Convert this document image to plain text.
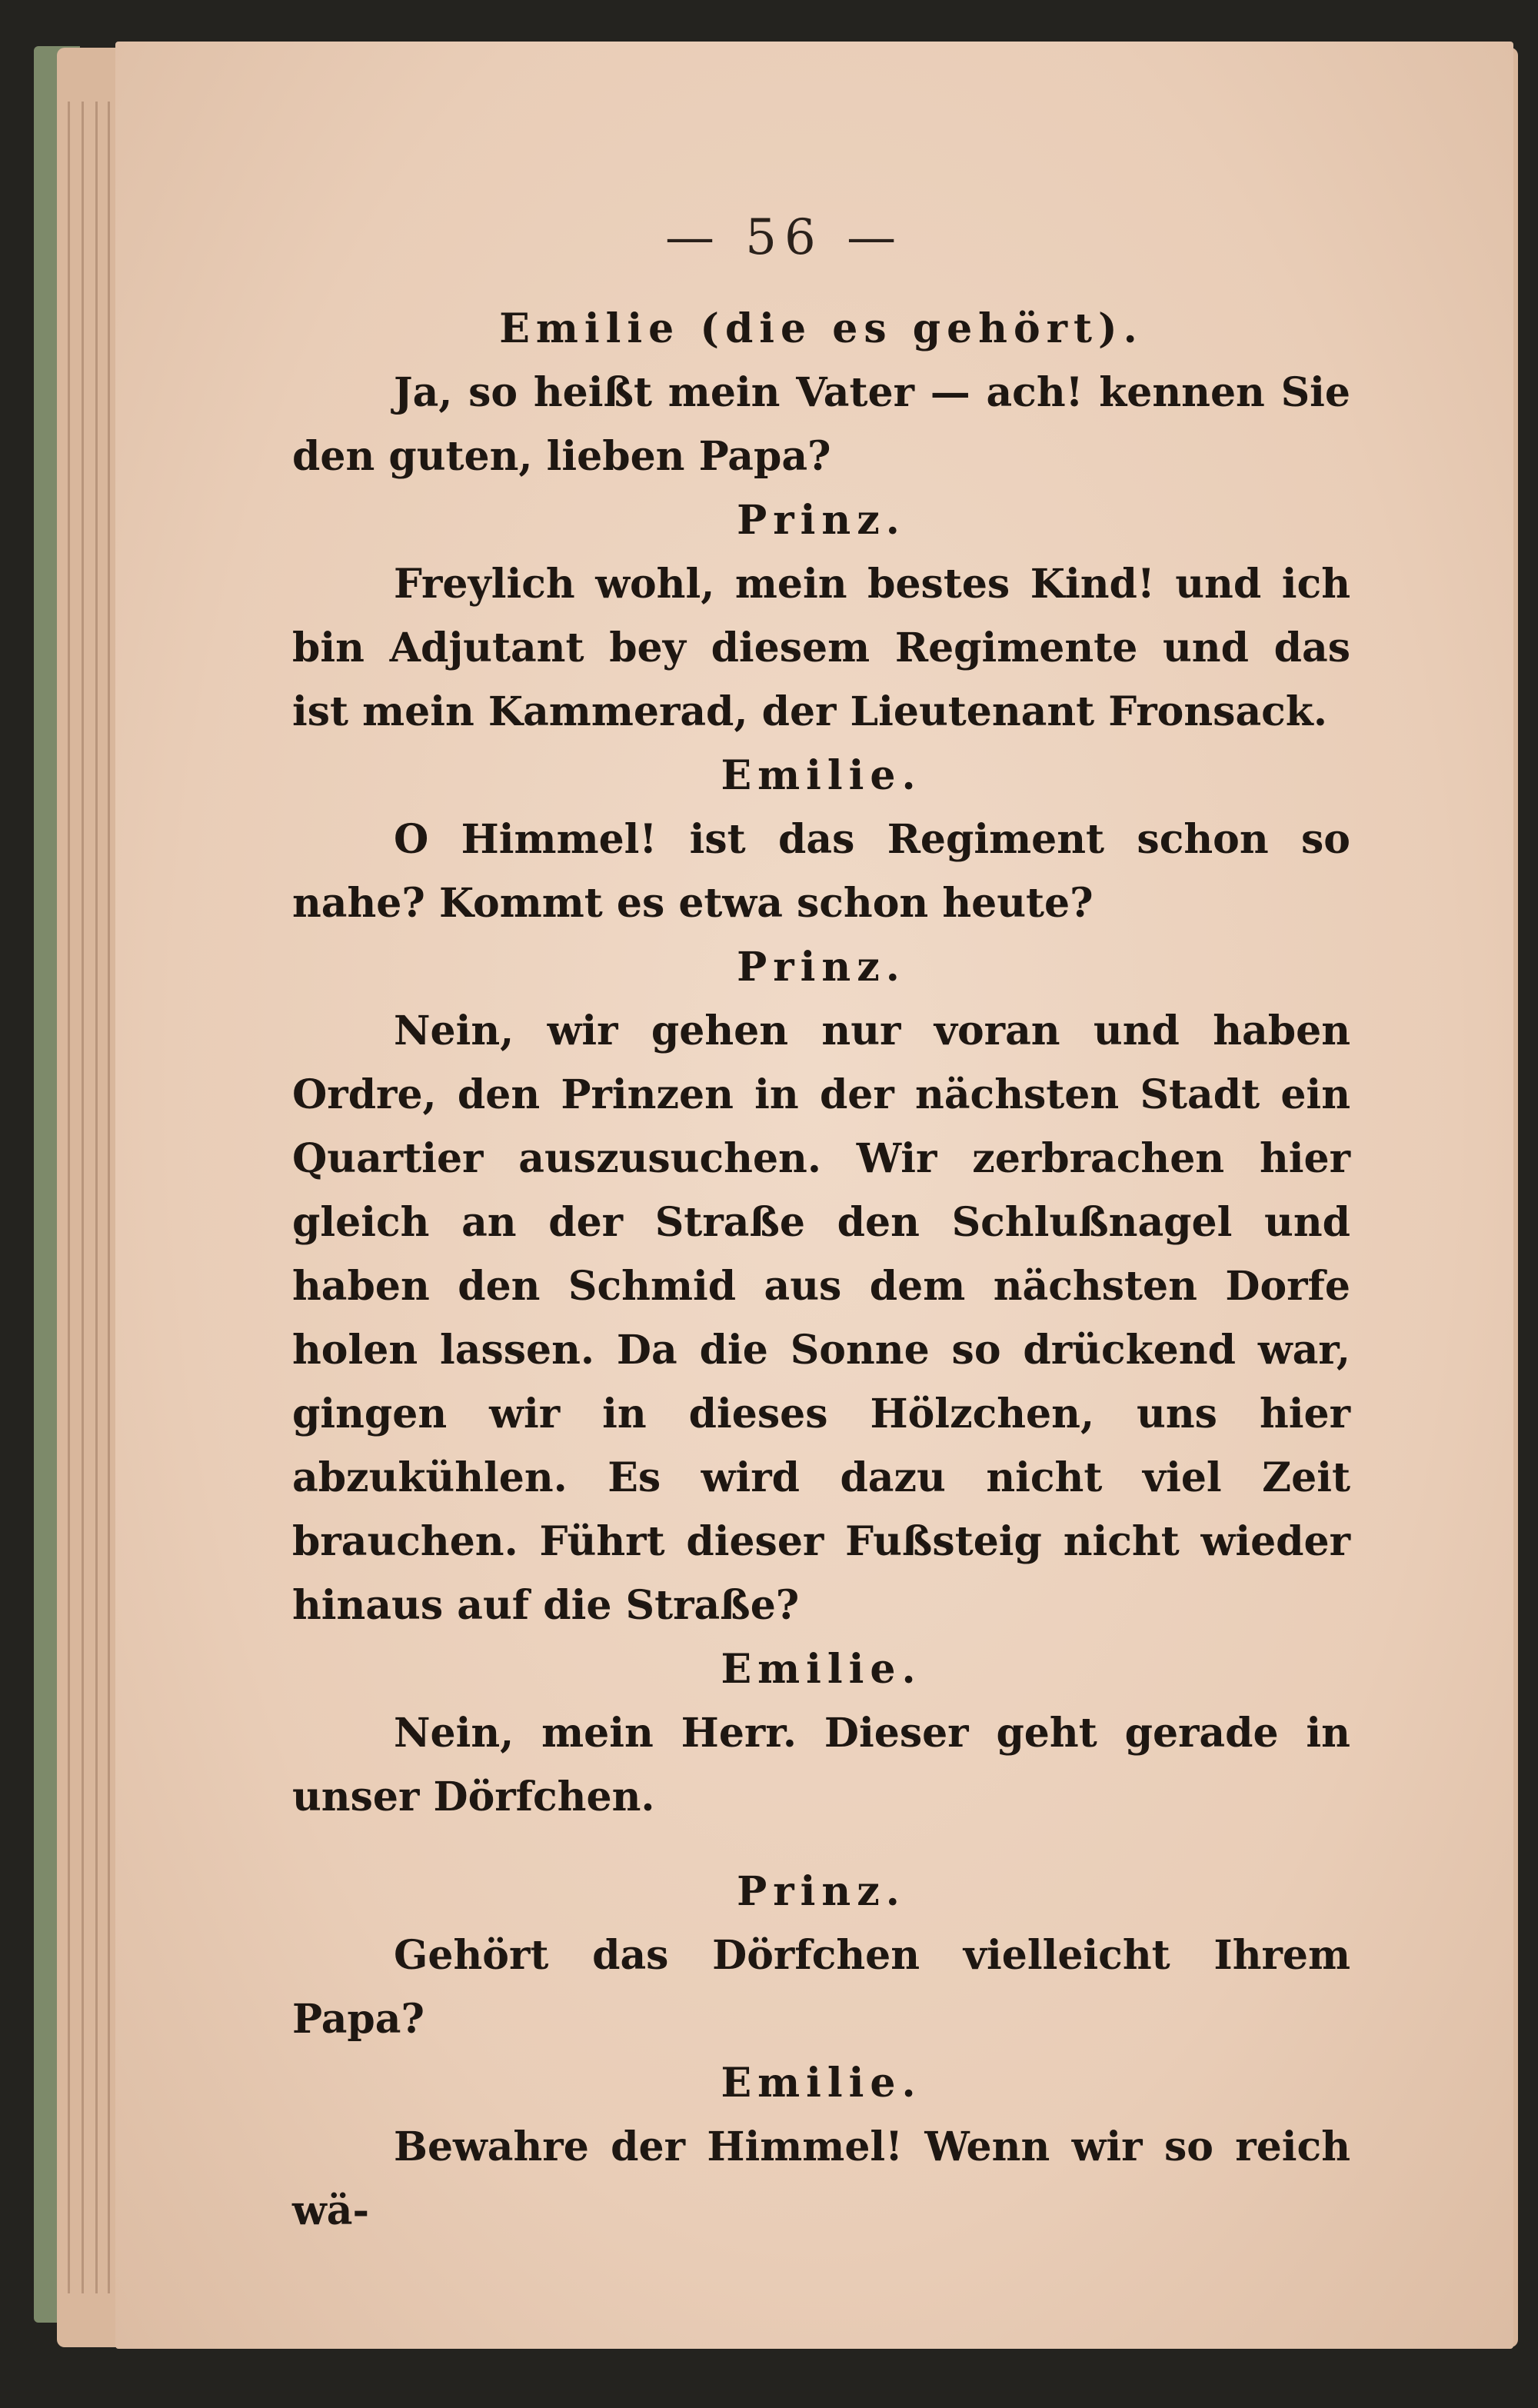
— 56 —
Emilie (die es gehört).
Ja, so heißt mein Vater — ach! kennen Sie den guten, lieben Papa?
Prinz.
Freylich wohl, mein bestes Kind! und ich bin Adjutant bey diesem Regimente und das ist mein Kammerad, der Lieutenant Fronsack.
Emilie.
O Himmel! ist das Regiment schon so nahe? Kommt es etwa schon heute?
Prinz.
Nein, wir gehen nur voran und haben Ordre, den Prinzen in der nächsten Stadt ein Quartier auszusuchen. Wir zerbrachen hier gleich an der Straße den Schlußnagel und haben den Schmid aus dem nächsten Dorfe holen lassen. Da die Sonne so drückend war, gingen wir in dieses Hölzchen, uns hier abzukühlen. Es wird dazu nicht viel Zeit brauchen. Führt dieser Fußsteig nicht wieder hinaus auf die Straße?
Emilie.
Nein, mein Herr. Dieser geht gerade in unser Dörfchen.
Prinz.
Gehört das Dörfchen vielleicht Ihrem Papa?
Emilie.
Bewahre der Himmel! Wenn wir so reich wä-
